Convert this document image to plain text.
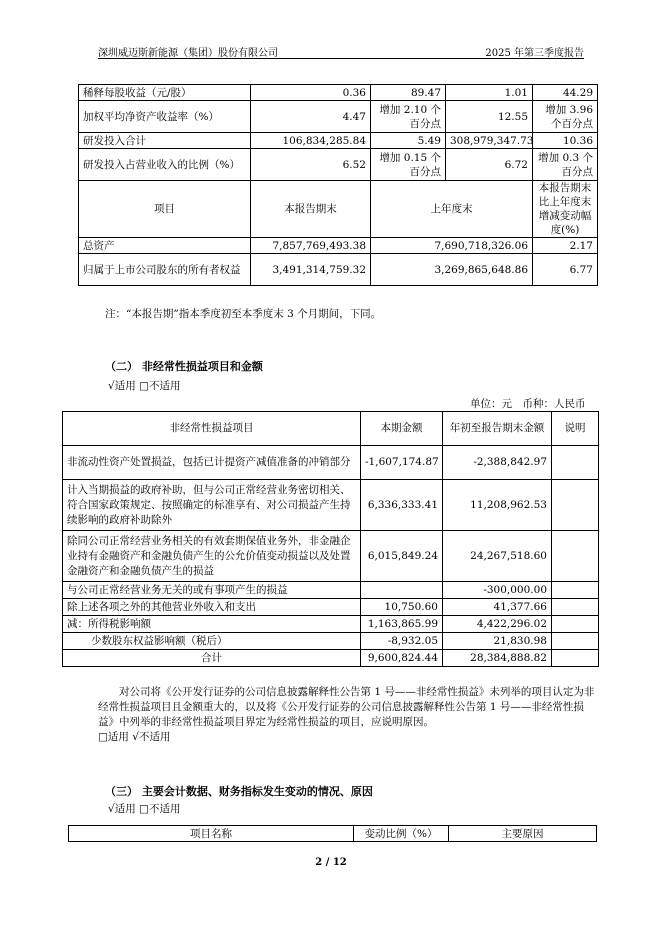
深圳威迈斯新能源（集团）股份有限公司	2025 年第三季度报告
稀释每股收益（元/股）	0.36	89.47	1.01	44.29
加权平均净资产收益率（%）	4.47	增加 2.10 个百分点	12.55	增加 3.96 个百分点
研发投入合计	106,834,285.84	5.49	308,979,347.73	10.36
研发投入占营业收入的比例（%）	6.52	增加 0.15 个百分点	6.72	增加 0.3 个百分点
项目	本报告期末	上年度末		本报告期末比上年度末增减变动幅度(%)
总资产	7,857,769,493.38	7,690,718,326.06		2.17
归属于上市公司股东的所有者权益	3,491,314,759.32	3,269,865,648.86		6.77
注：“本报告期”指本季度初至本季度末 3 个月期间，下同。
（二） 非经常性损益项目和金额
√适用 □不适用
单位：元　币种：人民币
非经常性损益项目	本期金额	年初至报告期末金额	说明
非流动性资产处置损益，包括已计提资产减值准备的冲销部分	-1,607,174.87	-2,388,842.97	
计入当期损益的政府补助，但与公司正常经营业务密切相关、符合国家政策规定、按照确定的标准享有、对公司损益产生持续影响的政府补助除外	6,336,333.41	11,208,962.53	
除同公司正常经营业务相关的有效套期保值业务外，非金融企业持有金融资产和金融负债产生的公允价值变动损益以及处置金融资产和金融负债产生的损益	6,015,849.24	24,267,518.60	
与公司正常经营业务无关的或有事项产生的损益		-300,000.00	
除上述各项之外的其他营业外收入和支出	10,750.60	41,377.66	
减：所得税影响额	1,163,865.99	4,422,296.02	
少数股东权益影响额（税后）	-8,932.05	21,830.98	
合计	9,600,824.44	28,384,888.82	

对公司将《公开发行证券的公司信息披露解释性公告第 1 号——非经常性损益》未列举的项目认定为非经常性损益项目且金额重大的，以及将《公开发行证券的公司信息披露解释性公告第 1 号——非经常性损益》中列举的非经常性损益项目界定为经常性损益的项目，应说明原因。

□适用 √不适用

（三） 主要会计数据、财务指标发生变动的情况、原因
√适用 □不适用
项目名称	变动比例（%）	主要原因
2 / 12
